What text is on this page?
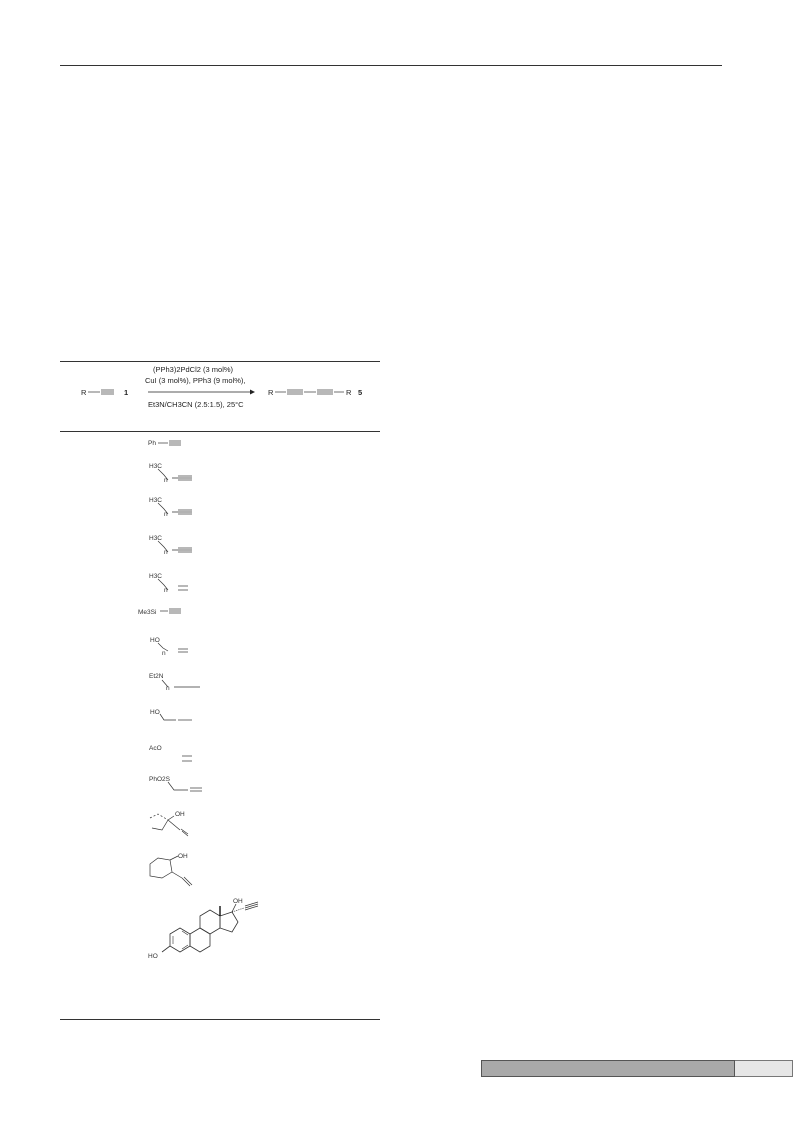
R	1
(PPh3)2PdCl2 (3 mol%)
CuI (3 mol%), PPh3 (9 mol%),
Et3N/CH3CN (2.5:1.5), 25°C
R	R 5
Ph
H3C
n
H3C
n
H3C
n
H3C
n
Me3Si
HO
n
Et2N
n
HO
AcO
PhO2S
OH
OH
OH
HO
